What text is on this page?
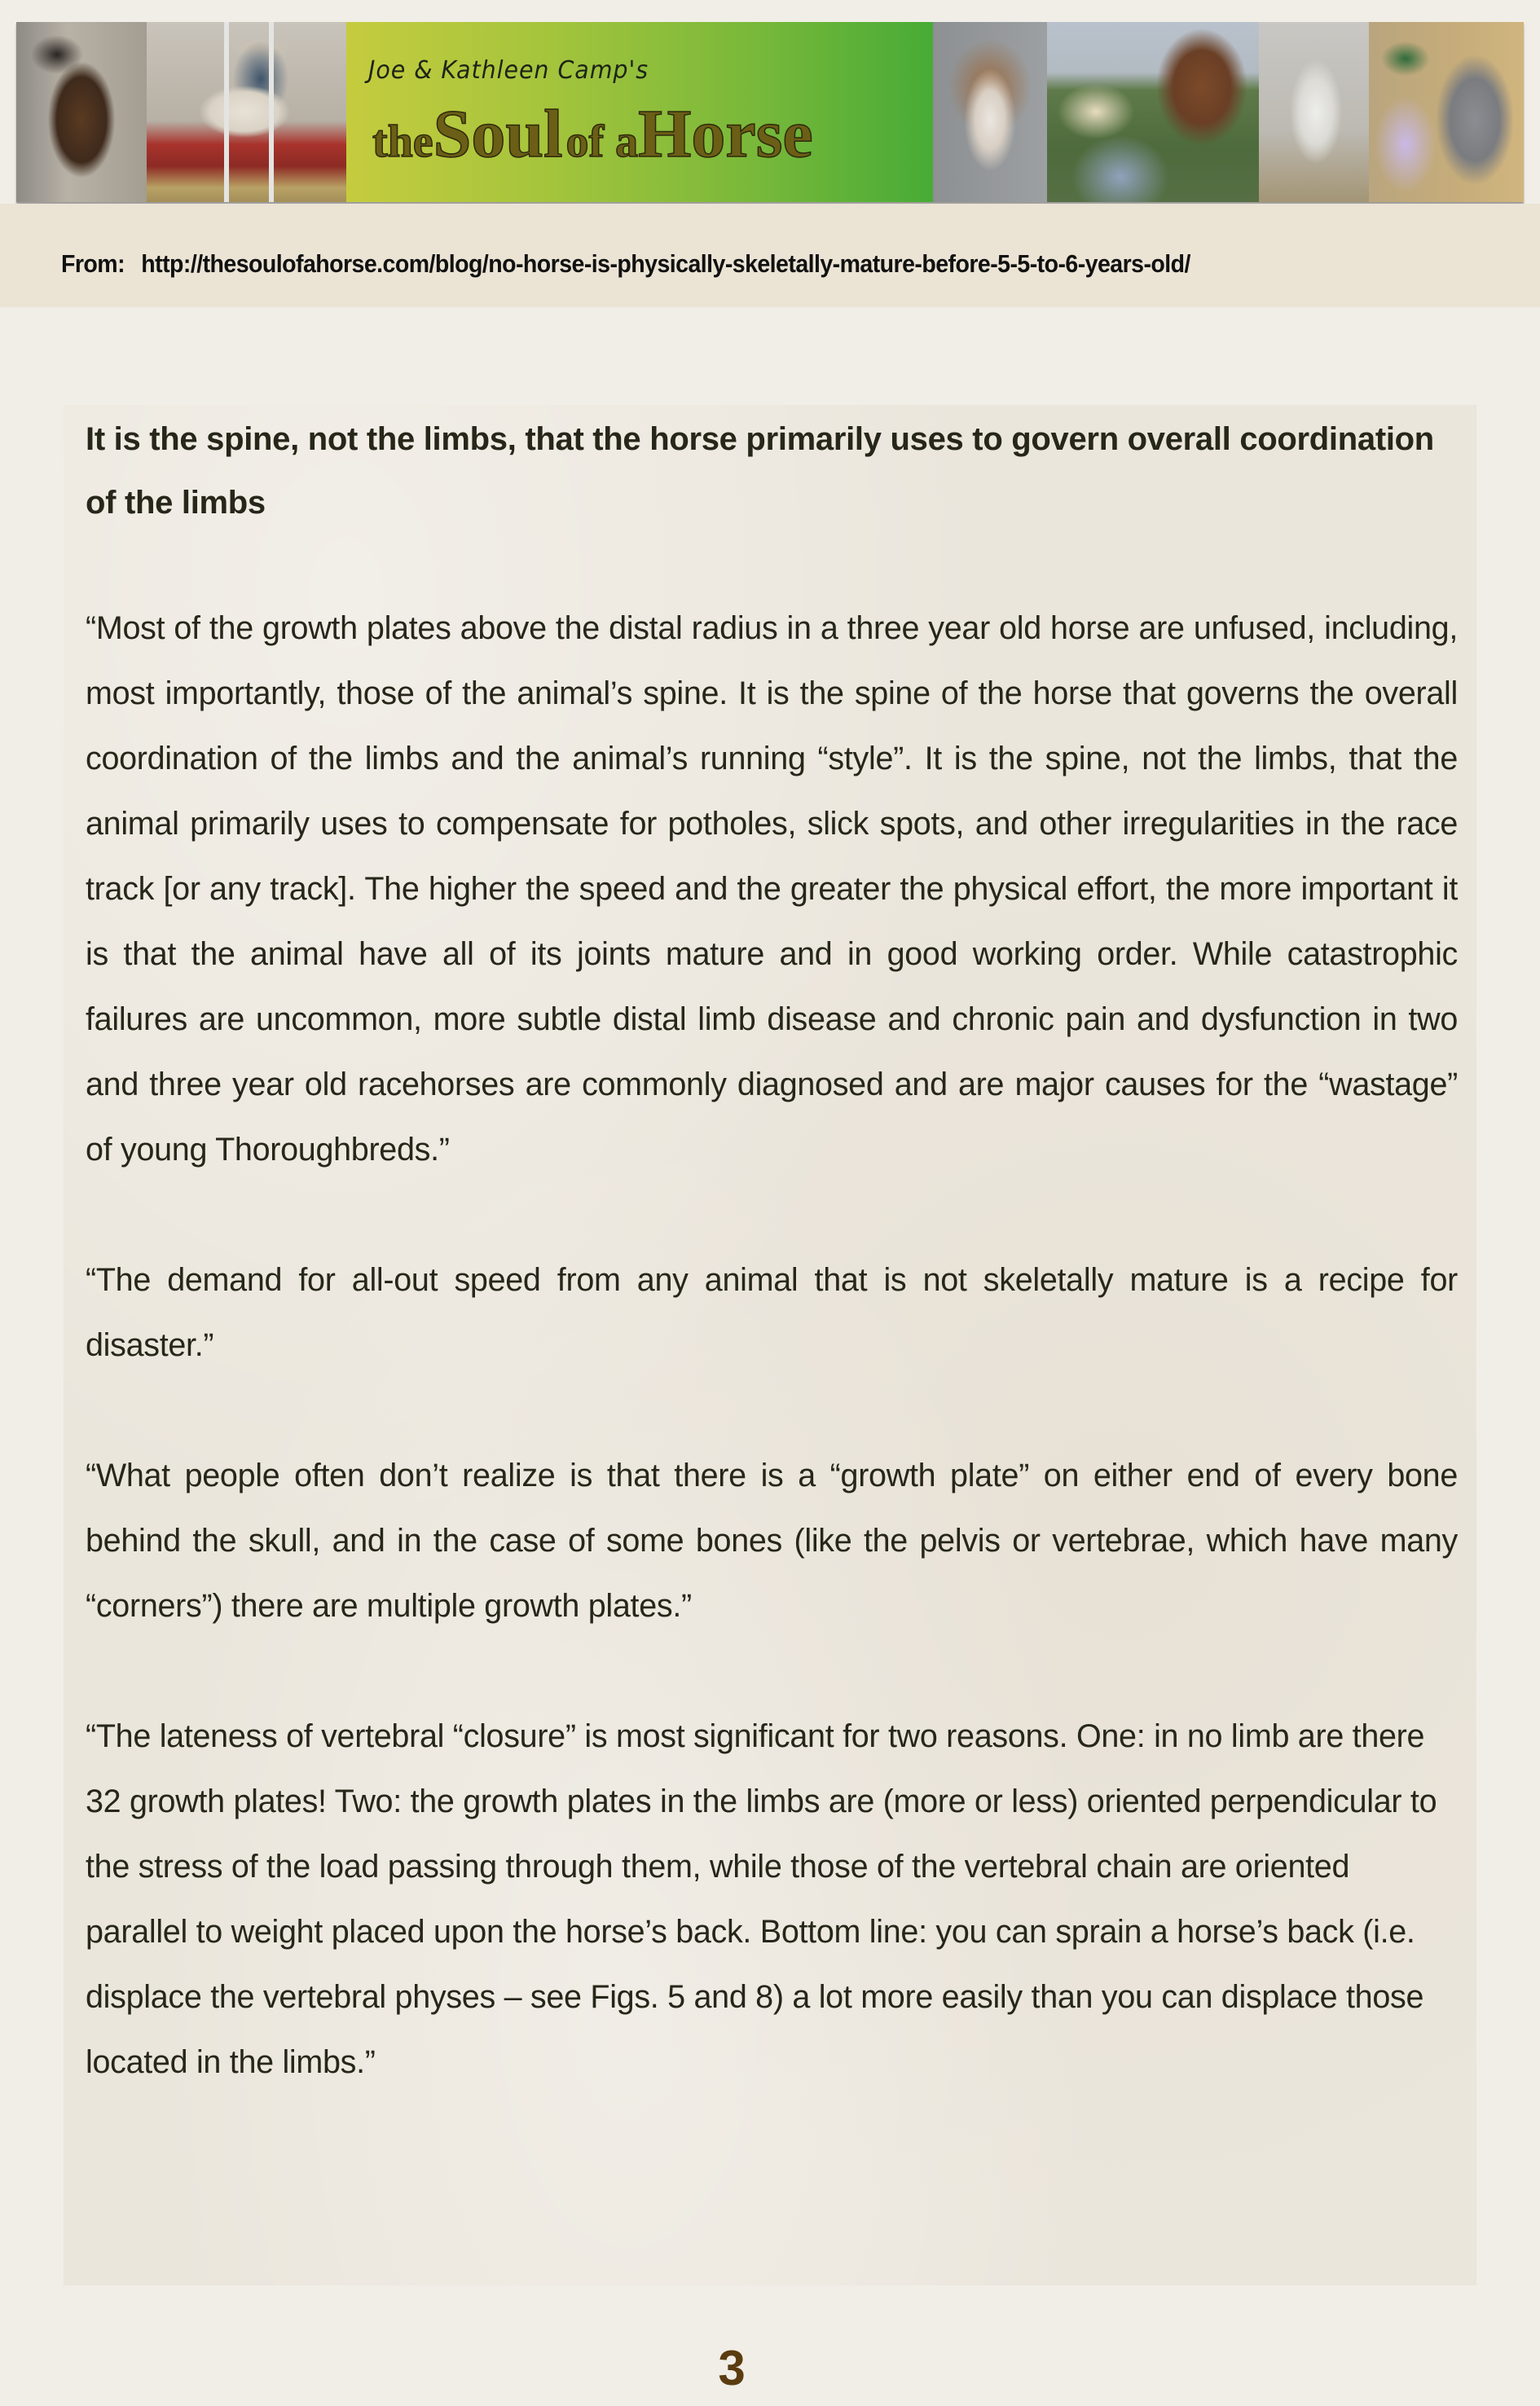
Joe & Kathleen Camp's
theSoul of aHorse
From: http://thesoulofahorse.com/blog/no-horse-is-physically-skeletally-mature-before-5-5-to-6-years-old/
It is the spine, not the limbs, that the horse primarily uses to govern overall coordination of the limbs

“Most of the growth plates above the distal radius in a three year old horse are unfused, including, most importantly, those of the animal’s spine. It is the spine of the horse that governs the overall coordination of the limbs and the animal’s running “style”. It is the spine, not the limbs, that the animal primarily uses to compensate for potholes, slick spots, and other irregularities in the race track [or any track]. The higher the speed and the greater the physical effort, the more important it is that the animal have all of its joints mature and in good working order. While catastrophic failures are uncommon, more subtle distal limb disease and chronic pain and dysfunction in two and three year old racehorses are commonly diagnosed and are major causes for the “wastage” of young Thoroughbreds.”

“The demand for all-out speed from any animal that is not skeletally mature is a recipe for disaster.”

“What people often don’t realize is that there is a “growth plate” on either end of every bone behind the skull, and in the case of some bones (like the pelvis or vertebrae, which have many “corners”) there are multiple growth plates.”

“The lateness of vertebral “closure” is most significant for two reasons. One: in no limb are there 32 growth plates! Two: the growth plates in the limbs are (more or less) oriented perpendicular to the stress of the load passing through them, while those of the vertebral chain are oriented parallel to weight placed upon the horse’s back. Bottom line: you can sprain a horse’s back (i.e. displace the vertebral physes – see Figs. 5 and 8) a lot more easily than you can displace those located in the limbs.”

3
